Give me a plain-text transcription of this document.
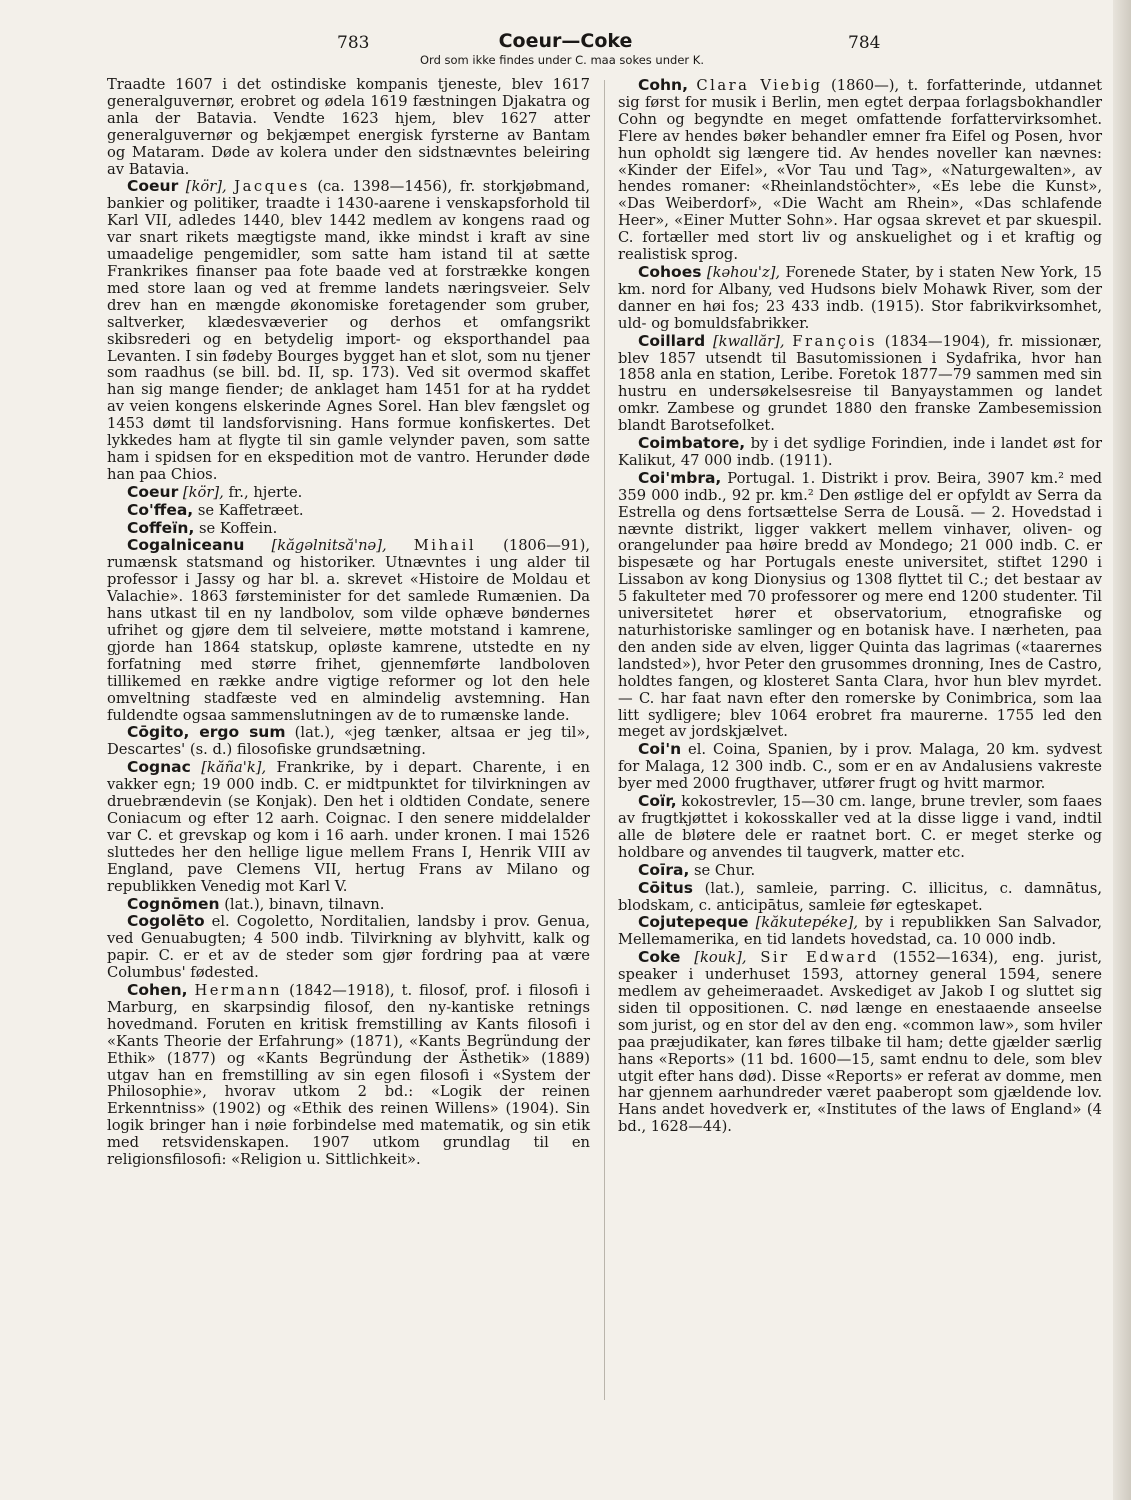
783	Coeur—Coke	784
Ord som ikke findes under C. maa sokes under K.

Traadte 1607 i det ostindiske kompanis tjeneste, blev 1617 generalguvernør, erobret og ødela 1619 fæstningen Djakatra og anla der Batavia. Vendte 1623 hjem, blev 1627 atter generalguvernør og bekjæmpet energisk fyrsterne av Bantam og Mataram. Døde av kolera under den sidstnævntes beleiring av Batavia.

Coeur [kör], Jacques (ca. 1398—1456), fr. storkjøbmand, bankier og politiker, traadte i 1430-aarene i venskapsforhold til Karl VII, adledes 1440, blev 1442 medlem av kongens raad og var snart rikets mægtigste mand, ikke mindst i kraft av sine umaadelige pengemidler, som satte ham istand til at sætte Frankrikes finanser paa fote baade ved at forstrække kongen med store laan og ved at fremme landets næringsveier. Selv drev han en mængde økonomiske foretagender som gruber, saltverker, klædesvæverier og derhos et omfangsrikt skibsrederi og en betydelig import- og eksporthandel paa Levanten. I sin fødeby Bourges bygget han et slot, som nu tjener som raadhus (se bill. bd. II, sp. 173). Ved sit overmod skaffet han sig mange fiender; de anklaget ham 1451 for at ha ryddet av veien kongens elskerinde Agnes Sorel. Han blev fængslet og 1453 dømt til landsforvisning. Hans formue konfiskertes. Det lykkedes ham at flygte til sin gamle velynder paven, som satte ham i spidsen for en ekspedition mot de vantro. Herunder døde han paa Chios.

Coeur [kör], fr., hjerte.

Co'ffea, se Kaffetræet.

Coffeïn, se Koffein.

Cogalniceanu [kăgəlnitsă'nə], Mihail (1806—91), rumænsk statsmand og historiker. Utnævntes i ung alder til professor i Jassy og har bl. a. skrevet «Histoire de Moldau et Valachie». 1863 førsteminister for det samlede Rumænien. Da hans utkast til en ny landbolov, som vilde ophæve bøndernes ufrihet og gjøre dem til selveiere, møtte motstand i kamrene, gjorde han 1864 statskup, opløste kamrene, utstedte en ny forfatning med større frihet, gjennemførte landboloven tillikemed en række andre vigtige reformer og lot den hele omveltning stadfæste ved en almindelig avstemning. Han fuldendte ogsaa sammenslutningen av de to rumænske lande.

Cōgito, ergo sum (lat.), «jeg tænker, altsaa er jeg til», Descartes' (s. d.) filosofiske grundsætning.

Cognac [kăña'k], Frankrike, by i depart. Charente, i en vakker egn; 19 000 indb. C. er midtpunktet for tilvirkningen av druebrændevin (se Konjak). Den het i oldtiden Condate, senere Coniacum og efter 12 aarh. Coignac. I den senere middelalder var C. et grevskap og kom i 16 aarh. under kronen. I mai 1526 sluttedes her den hellige ligue mellem Frans I, Henrik VIII av England, pave Clemens VII, hertug Frans av Milano og republikken Venedig mot Karl V.

Cognōmen (lat.), binavn, tilnavn.

Cogolēto el. Cogoletto, Norditalien, landsby i prov. Genua, ved Genuabugten; 4 500 indb. Tilvirkning av blyhvitt, kalk og papir. C. er et av de steder som gjør fordring paa at være Columbus' fødested.

Cohen, Hermann (1842—1918), t. filosof, prof. i filosofi i Marburg, en skarpsindig filosof, den ny-kantiske retnings hovedmand. Foruten en kritisk fremstilling av Kants filosofi i «Kants Theorie der Erfahrung» (1871), «Kants Begründung der Ethik» (1877) og «Kants Begründung der Ästhetik» (1889) utgav han en fremstilling av sin egen filosofi i «System der Philosophie», hvorav utkom 2 bd.: «Logik der reinen Erkenntniss» (1902) og «Ethik des reinen Willens» (1904). Sin logik bringer han i nøie forbindelse med matematik, og sin etik med retsvidenskapen. 1907 utkom grundlag til en religionsfilosofi: «Religion u. Sittlichkeit».

Cohn, Clara Viebig (1860—), t. forfatterinde, utdannet sig først for musik i Berlin, men egtet derpaa forlagsbokhandler Cohn og begyndte en meget omfattende forfattervirksomhet. Flere av hendes bøker behandler emner fra Eifel og Posen, hvor hun opholdt sig længere tid. Av hendes noveller kan nævnes: «Kinder der Eifel», «Vor Tau und Tag», «Naturgewalten», av hendes romaner: «Rheinlandstöchter», «Es lebe die Kunst», «Das Weiberdorf», «Die Wacht am Rhein», «Das schlafende Heer», «Einer Mutter Sohn». Har ogsaa skrevet et par skuespil. C. fortæller med stort liv og anskuelighet og i et kraftig og realistisk sprog.

Cohoes [kəhou'z], Forenede Stater, by i staten New York, 15 km. nord for Albany, ved Hudsons bielv Mohawk River, som der danner en høi fos; 23 433 indb. (1915). Stor fabrikvirksomhet, uld- og bomuldsfabrikker.

Coillard [kwallăr], François (1834—1904), fr. missionær, blev 1857 utsendt til Basutomissionen i Sydafrika, hvor han 1858 anla en station, Leribe. Foretok 1877—79 sammen med sin hustru en undersøkelsesreise til Banyaystammen og landet omkr. Zambese og grundet 1880 den franske Zambesemission blandt Barotsefolket.

Coimbatore, by i det sydlige Forindien, inde i landet øst for Kalikut, 47 000 indb. (1911).

Coi'mbra, Portugal. 1. Distrikt i prov. Beira, 3907 km.² med 359 000 indb., 92 pr. km.² Den østlige del er opfyldt av Serra da Estrella og dens fortsættelse Serra de Lousã. — 2. Hovedstad i nævnte distrikt, ligger vakkert mellem vinhaver, oliven- og orangelunder paa høire bredd av Mondego; 21 000 indb. C. er bispesæte og har Portugals eneste universitet, stiftet 1290 i Lissabon av kong Dionysius og 1308 flyttet til C.; det bestaar av 5 fakulteter med 70 professorer og mere end 1200 studenter. Til universitetet hører et observatorium, etnografiske og naturhistoriske samlinger og en botanisk have. I nærheten, paa den anden side av elven, ligger Quinta das lagrimas («taarernes landsted»), hvor Peter den grusommes dronning, Ines de Castro, holdtes fangen, og klosteret Santa Clara, hvor hun blev myrdet. — C. har faat navn efter den romerske by Conimbrica, som laa litt sydligere; blev 1064 erobret fra maurerne. 1755 led den meget av jordskjælvet.

Coi'n el. Coina, Spanien, by i prov. Malaga, 20 km. sydvest for Malaga, 12 300 indb. C., som er en av Andalusiens vakreste byer med 2000 frugthaver, utfører frugt og hvitt marmor.

Coïr, kokostrevler, 15—30 cm. lange, brune trevler, som faaes av frugtkjøttet i kokosskaller ved at la disse ligge i vand, indtil alle de bløtere dele er raatnet bort. C. er meget sterke og holdbare og anvendes til taugverk, matter etc.

Coīra, se Chur.

Cōitus (lat.), samleie, parring. C. illicitus, c. damnātus, blodskam, c. anticipātus, samleie før egteskapet.

Cojutepeque [kăkutepéke], by i republikken San Salvador, Mellemamerika, en tid landets hovedstad, ca. 10 000 indb.

Coke [kouk], Sir Edward (1552—1634), eng. jurist, speaker i underhuset 1593, attorney general 1594, senere medlem av geheimeraadet. Avskediget av Jakob I og sluttet sig siden til oppositionen. C. nød længe en enestaaende anseelse som jurist, og en stor del av den eng. «common law», som hviler paa præjudikater, kan føres tilbake til ham; dette gjælder særlig hans «Reports» (11 bd. 1600—15, samt endnu to dele, som blev utgit efter hans død). Disse «Reports» er referat av domme, men har gjennem aarhundreder været paaberopt som gjældende lov. Hans andet hovedverk er, «Institutes of the laws of England» (4 bd., 1628—44).
